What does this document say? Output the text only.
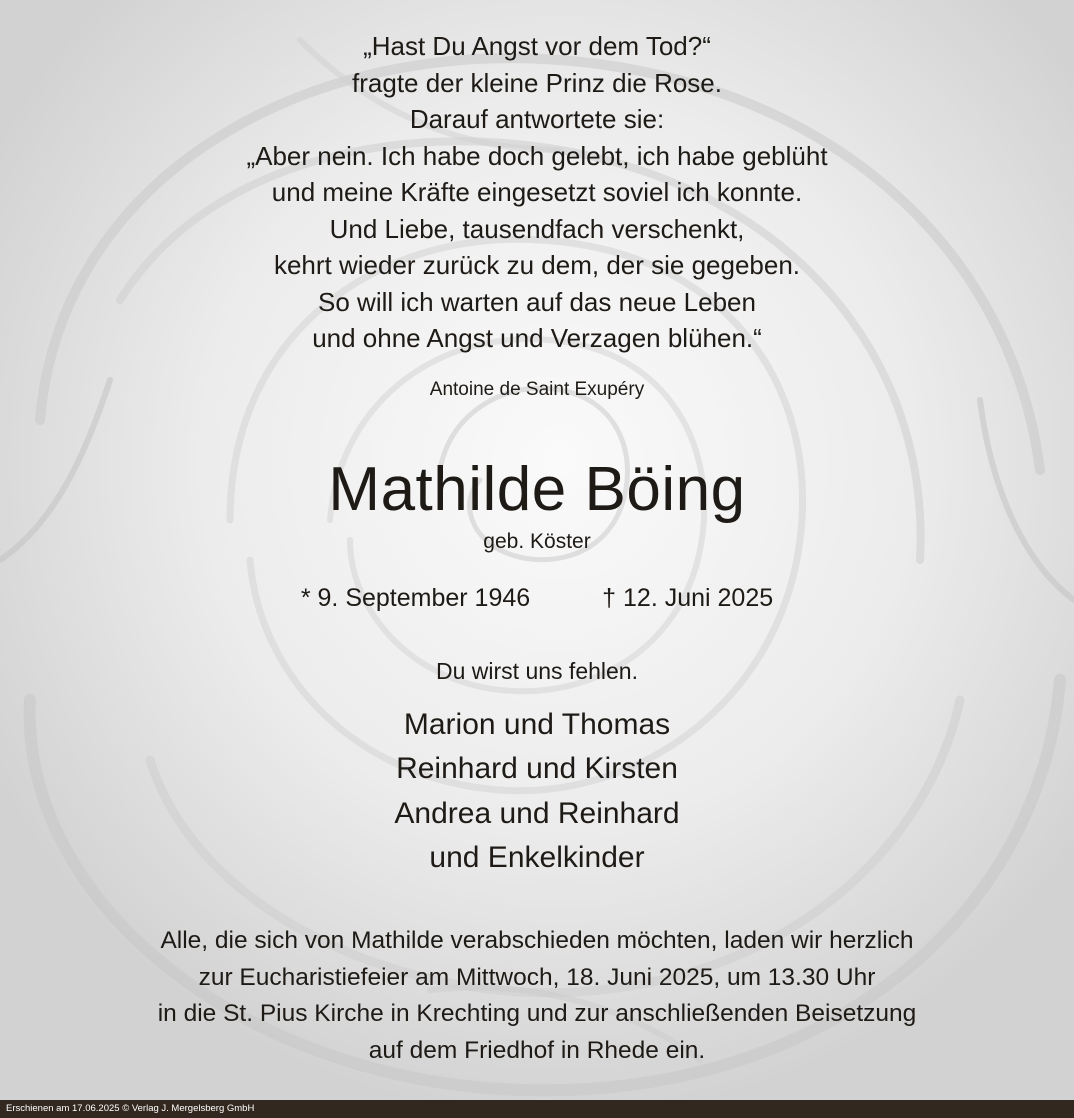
„Hast Du Angst vor dem Tod?“
fragte der kleine Prinz die Rose.
Darauf antwortete sie:
„Aber nein. Ich habe doch gelebt, ich habe geblüht
und meine Kräfte eingesetzt soviel ich konnte.
Und Liebe, tausendfach verschenkt,
kehrt wieder zurück zu dem, der sie gegeben.
So will ich warten auf das neue Leben
und ohne Angst und Verzagen blühen.“
Antoine de Saint Exupéry
Mathilde Böing
geb. Köster
* 9. September 1946	† 12. Juni 2025
Du wirst uns fehlen.
Marion und Thomas
Reinhard und Kirsten
Andrea und Reinhard
und Enkelkinder
Alle, die sich von Mathilde verabschieden möchten, laden wir herzlich
zur Eucharistiefeier am Mittwoch, 18. Juni 2025, um 13.30 Uhr
in die St. Pius Kirche in Krechting und zur anschließenden Beisetzung
auf dem Friedhof in Rhede ein.
Erschienen am 17.06.2025 © Verlag J. Mergelsberg GmbH
